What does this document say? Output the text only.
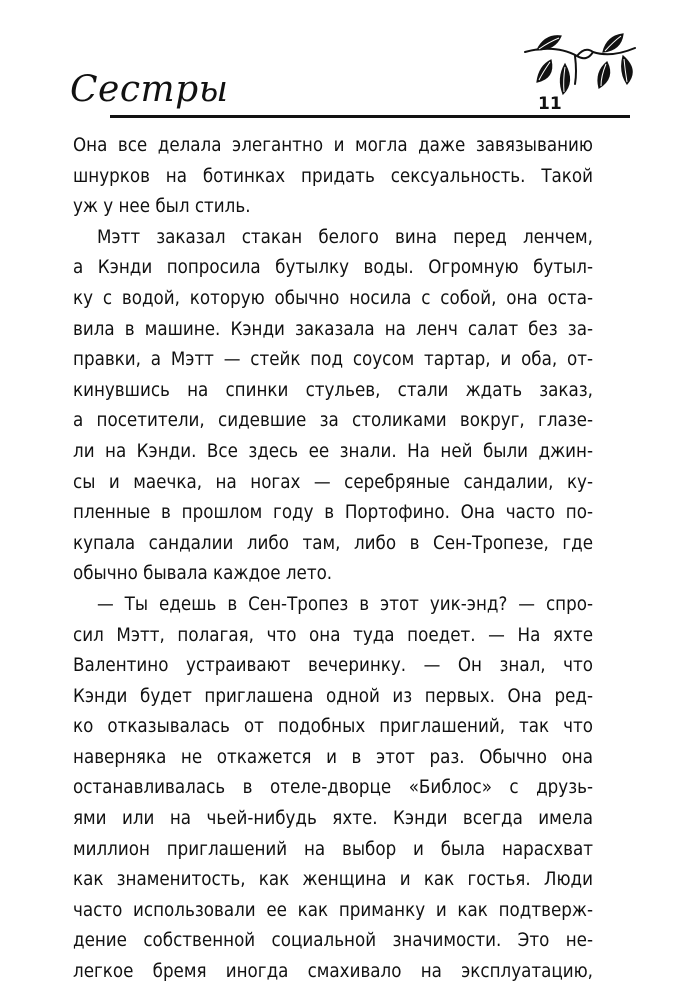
Сестры	11
Она все делала элегантно и могла даже завязыванию
шнурков на ботинках придать сексуальность. Такой
уж у нее был стиль.
Мэтт заказал стакан белого вина перед ленчем,
а Кэнди попросила бутылку воды. Огромную бутыл-
ку с водой, которую обычно носила с собой, она оста-
вила в машине. Кэнди заказала на ленч салат без за-
правки, а Мэтт — стейк под соусом тартар, и оба, от-
кинувшись на спинки стульев, стали ждать заказ,
а посетители, сидевшие за столиками вокруг, глазе-
ли на Кэнди. Все здесь ее знали. На ней были джин-
сы и маечка, на ногах — серебряные сандалии, ку-
пленные в прошлом году в Портофино. Она часто по-
купала сандалии либо там, либо в Сен-Тропезе, где
обычно бывала каждое лето.
— Ты едешь в Сен-Тропез в этот уик-энд? — спро-
сил Мэтт, полагая, что она туда поедет. — На яхте
Валентино устраивают вечеринку. — Он знал, что
Кэнди будет приглашена одной из первых. Она ред-
ко отказывалась от подобных приглашений, так что
наверняка не откажется и в этот раз. Обычно она
останавливалась в отеле-дворце «Библос» с друзь-
ями или на чьей-нибудь яхте. Кэнди всегда имела
миллион приглашений на выбор и была нарасхват
как знаменитость, как женщина и как гостья. Люди
часто использовали ее как приманку и как подтверж-
дение собственной социальной значимости. Это не-
легкое бремя иногда смахивало на эксплуатацию,
